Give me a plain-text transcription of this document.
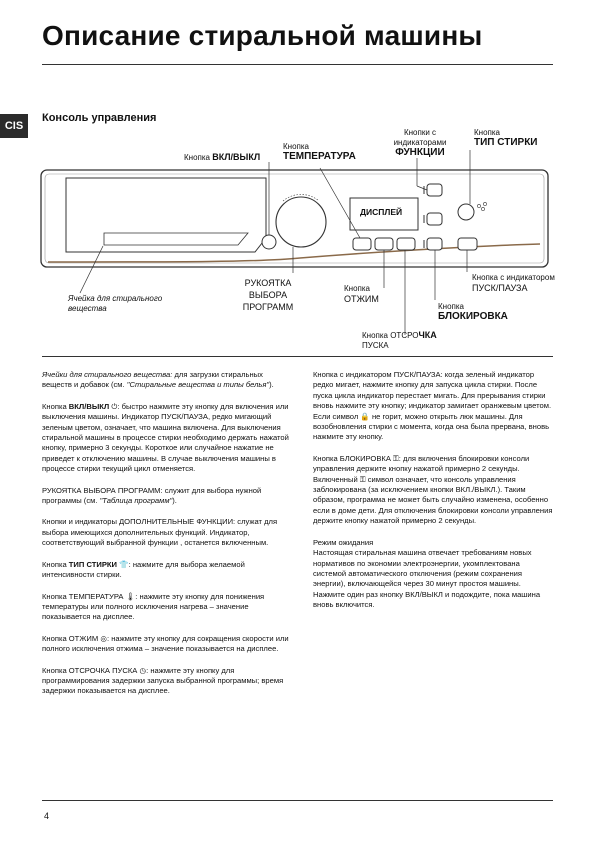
Описание стиральной машины
CIS
Консоль управления
Кнопка ВКЛ/ВЫКЛ
Кнопка
ТЕМПЕРАТУРА
Кнопки с
индикаторами
ФУНКЦИИ
Кнопка
ТИП СТИРКИ
РУКОЯТКА
ВЫБОРА
ПРОГРАММ
Кнопка
ОТЖИМ
Кнопка с индикатором
ПУСК/ПАУЗА
Кнопка
БЛОКИРОВКА
Кнопка ОТСРОЧКА
ПУСКА
Ячейка для стирального
вещества
ДИСПЛЕЙ

Ячейки для стирального вещества: для загрузки стиральных веществ и добавок (см. "Стиральные вещества и типы белья").

Кнопка ВКЛ/ВЫКЛ ⏻: быстро нажмите эту кнопку для включения или выключения машины. Индикатор ПУСК/ПАУЗА, редко мигающий зеленым цветом, означает, что машина включена. Для выключения стиральной машины в процессе стирки необходимо держать нажатой кнопку, примерно 3 секунды. Короткое или случайное нажатие не приведет к отключению машины. В случае выключения машины в процессе стирки текущий цикл отменяется.

РУКОЯТКА ВЫБОРА ПРОГРАММ: служит для выбора нужной программы (см. "Таблица программ").

Кнопки и индикаторы ДОПОЛНИТЕЛЬНЫЕ ФУНКЦИИ: служат для выбора имеющихся дополнительных функций. Индикатор, соответствующий выбранной функции , останется включенным.

Кнопка ТИП СТИРКИ 👕: нажмите для выбора желаемой интенсивности стирки.

Кнопка ТЕМПЕРАТУРА 🌡: нажмите эту кнопку для понижения температуры или полного исключения нагрева – значение показывается на дисплее.

Кнопка ОТЖИМ ◎: нажмите эту кнопку для сокращения скорости или полного исключения отжима – значение показывается на дисплее.

Кнопка ОТСРОЧКА ПУСКА ◷: нажмите эту кнопку для программирования задержки запуска выбранной программы; время задержки показывается на дисплее.

Кнопка с индикатором ПУСК/ПАУЗА: когда зеленый индикатор редко мигает, нажмите кнопку для запуска цикла стирки. После пуска цикла индикатор перестает мигать. Для прерывания стирки вновь нажмите эту кнопку; индикатор замигает оранжевым цветом. Если символ 🔒 не горит, можно открыть люк машины. Для возобновления стирки с момента, когда она была прервана, вновь нажмите эту кнопку.

Кнопка БЛОКИРОВКА ⚿: для включения блокировки консоли управления держите кнопку нажатой примерно 2 секунды. Включенный ⚿ символ означает, что консоль управления заблокирована (за исключением кнопки ВКЛ./ВЫКЛ.). Таким образом, программа не может быть случайно изменена, особенно если в доме дети. Для отключения блокировки консоли управления держите кнопку нажатой примерно 2 секунды.

Режим ожидания
Настоящая стиральная машина отвечает требованиям новых нормативов по экономии электроэнергии, укомплектована системой автоматического отключения (режим сохранения энергии), включающейся через 30 минут простоя машины. Нажмите один раз кнопку ВКЛ/ВЫКЛ и подождите, пока машина вновь включится.

4
